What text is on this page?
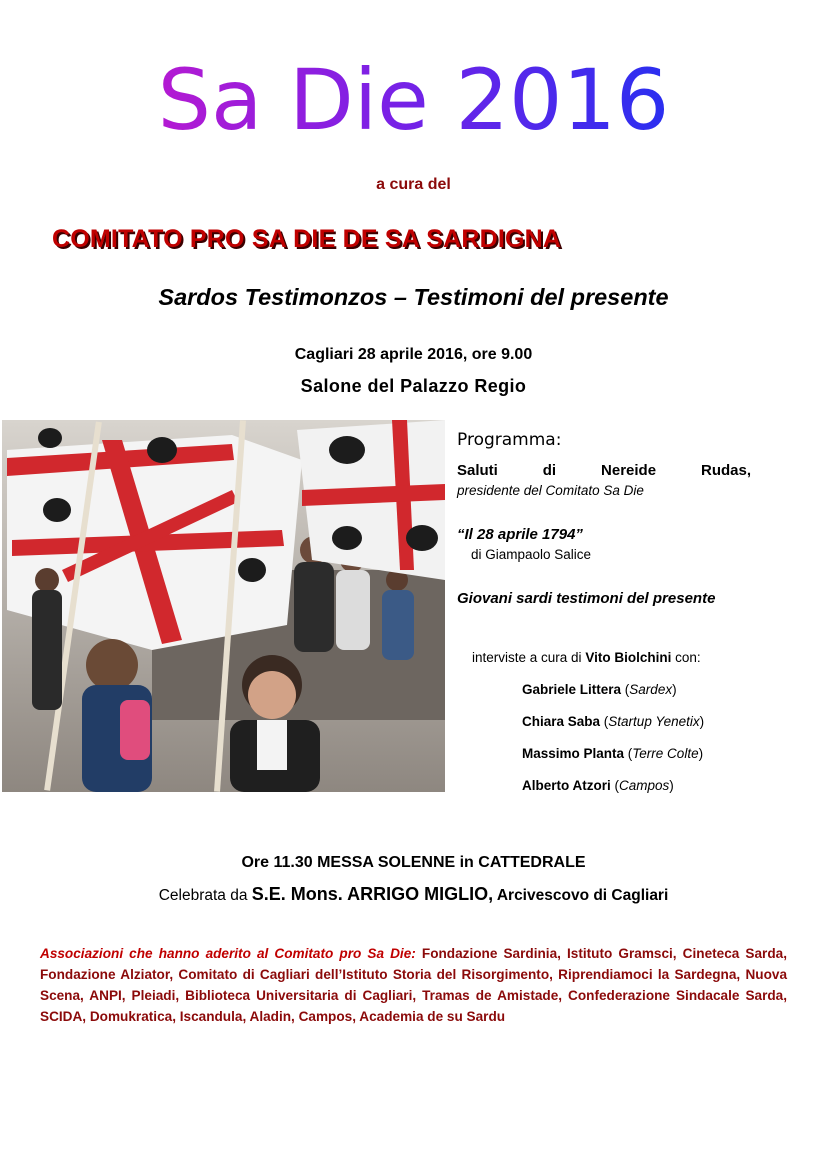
Sa Die 2016
a cura del
COMITATO PRO SA DIE DE SA SARDIGNA
Sardos Testimonzos – Testimoni del presente
Cagliari 28 aprile 2016, ore 9.00
Salone del Palazzo Regio
Programma:
Saluti di Nereide Rudas,
presidente del Comitato Sa Die
“Il 28 aprile 1794”
di Giampaolo Salice
Giovani sardi testimoni del presente
interviste a cura di Vito Biolchini con:
Gabriele Littera (Sardex)
Chiara Saba (Startup Yenetix)
Massimo Planta (Terre Colte)
Alberto Atzori (Campos)
Ore 11.30 MESSA SOLENNE in CATTEDRALE
Celebrata da S.E. Mons. ARRIGO MIGLIO, Arcivescovo di Cagliari
Associazioni che hanno aderito al Comitato pro Sa Die: Fondazione Sardinia, Istituto Gramsci, Cineteca Sarda, Fondazione Alziator, Comitato di Cagliari dell’Istituto Storia del Risorgimento, Riprendiamoci la Sardegna, Nuova Scena, ANPI, Pleiadi, Biblioteca Universitaria di Cagliari, Tramas de Amistade, Confederazione Sindacale Sarda, SCIDA, Domukratica, Iscandula, Aladin, Campos, Academia de su Sardu
